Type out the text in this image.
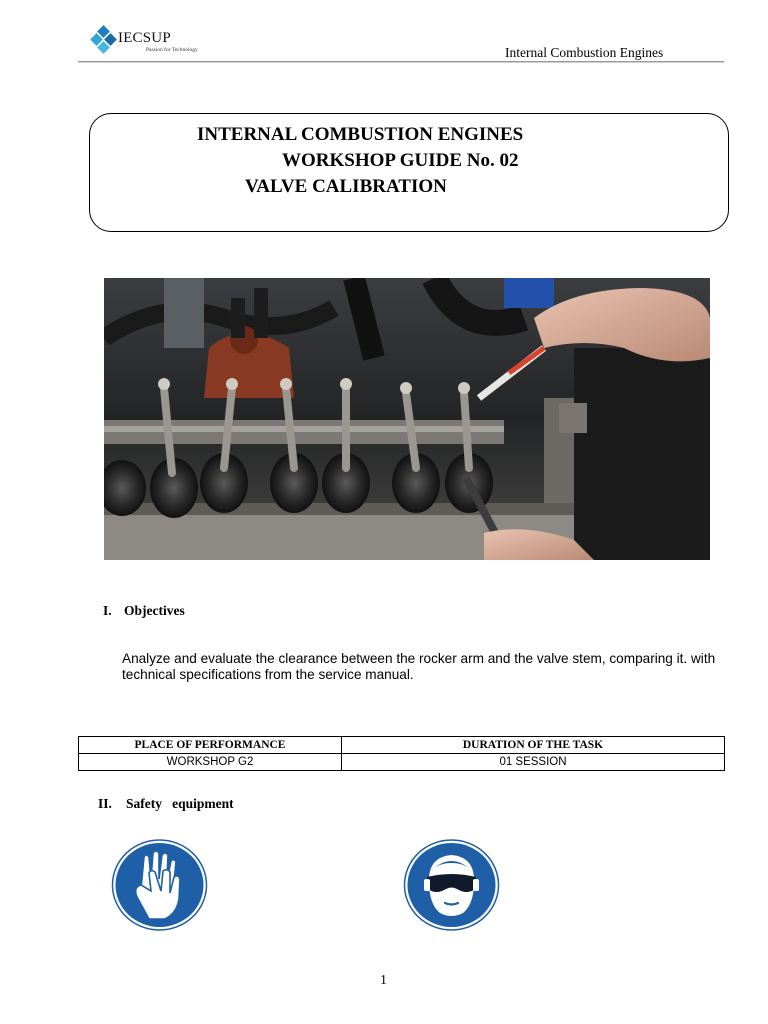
IECSUP
Passion for Technology	Internal Combustion Engines
INTERNAL COMBUSTION ENGINES
WORKSHOP GUIDE No. 02
VALVE CALIBRATION
I. Objectives
Analyze and evaluate the clearance between the rocker arm and the valve stem, comparing it. with technical specifications from the service manual.
PLACE OF PERFORMANCE	DURATION OF THE TASK
WORKSHOP G2	01 SESSION
II. Safety   equipment
1
